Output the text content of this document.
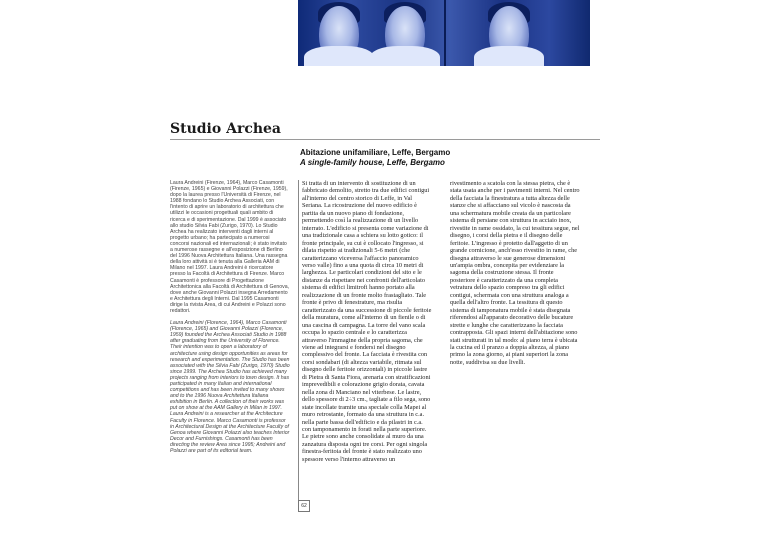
Studio Archea

Abitazione unifamiliare, Leffe, Bergamo

A single-family house, Leffe, Bergamo

Laura Andreini (Firenze, 1964), Marco Casamonti (Firenze, 1965) e Giovanni Polazzi (Firenze, 1959), dopo la laurea presso l'Università di Firenze, nel 1988 fondano lo Studio Archea Associati, con l'intento di aprire un laboratorio di architettura che utilizzi le occasioni progettuali quali ambito di ricerca e di sperimentazione. Dal 1999 è associato allo studio Silvia Fabi (Zurigo, 1970). Lo Studio Archea ha realizzato interventi dagli interni al progetto urbano; ha partecipato a numerosi concorsi nazionali ed internazionali; è stato invitato a numerose rassegne e all'esposizione di Berlino del 1996 Nuova Architettura Italiana. Una rassegna della loro attività si è tenuta alla Galleria AAM di Milano nel 1997. Laura Andreini è ricercatore presso la Facoltà di Architettura di Firenze. Marco Casamonti è professore di Progettazione Architettonica alla Facoltà di Architettura di Genova, dove anche Giovanni Polazzi insegna Arredamento e Architettura degli Interni. Dal 1995 Casamonti dirige la rivista Area, di cui Andreini e Polazzi sono redattori.

Laura Andreini (Florence, 1964), Marco Casamonti (Florence, 1965) and Giovanni Polazzi (Florence, 1959) founded the Archea Associati Studio in 1988 after graduating from the University of Florence. Their intention was to open a laboratory of architecture using design opportunities as areas for research and experimentation. The Studio has been associated with the Silvia Fabi (Zurigo, 1970) Studio since 1999. The Archea Studio has achieved many projects ranging from interiors to town design. It has participated in many Italian and international competitions and has been invited to many shows and to the 1996 Nuova Architettura Italiana exhibition in Berlin. A collection of their works was put on show at the AAM Gallery in Milan in 1997. Laura Andreini is a researcher at the Architecture Faculty in Florence. Marco Casamonti is professor in Architectural Design at the Architecture Faculty of Genoa where Giovanni Polazzi also teaches Interior Decor and Furnishings. Casamonti has been directing the review Area since 1995; Andreini and Polazzi are part of its editorial team.

Si tratta di un intervento di sostituzione di un fabbricato demolito, stretto tra due edifici contigui all'interno del centro storico di Leffe, in Val Seriana. La ricostruzione del nuovo edificio è partita da un nuovo piano di fondazione, permettendo così la realizzazione di un livello interrato. L'edificio si presenta come variazione di una tradizionale casa a schiera su lotto gotico: il fronte principale, su cui è collocato l'ingresso, si dilata rispetto ai tradizionali 5-6 metri (che caratterizzano viceversa l'affaccio panoramico verso valle) fino a una quota di circa 10 metri di larghezza. Le particolari condizioni del sito e le distanze da rispettare nei confronti dell'articolato sistema di edifici limitrofi hanno portato alla realizzazione di un fronte molto frastagliato. Tale fronte è privo di fenestrature, ma risulta caratterizzato da una successione di piccole feritoie della muratura, come all'interno di un fienile o di una cascina di campagna. La torre del vano scala occupa lo spazio centrale e lo caratterizza attraverso l'immagine della propria sagoma, che viene ad integrarsi e fondersi nel disegno complessivo del fronte. La facciata è rivestita con corsi sondabari (di altezza variabile, ritmata sul disegno delle feritoie orizzontali) in piccole lastre di Pietra di Santa Fiora, arenaria con stratificazioni imprevedibili e colorazione grigio dorata, cavata nella zona di Manciano nel viterbese. Le lastre, dello spessore di 2÷3 cm., tagliate a filo sega, sono state incollate tramite una speciale colla Mapei al muro retrostante, formato da una struttura in c.a. nella parte bassa dell'edificio e da pilastri in c.a. con tamponamento in forati nella parte superiore. Le pietre sono anche consolidate al muro da una zanzatura disposta ogni tre corsi. Per ogni singola finestra-feritoia del fronte è stato realizzato uno spessore verso l'interno attraverso un

rivestimento a scatola con la stessa pietra, che è stata usata anche per i pavimenti interni. Nel centro della facciata la finestratura a tutta altezza delle stanze che si affacciano sul vicolo è nascosta da una schermatura mobile creata da un particolare sistema di persiane con struttura in acciaio inox, rivestite in rame ossidato, la cui tessitura segue, nel disegno, i corsi della pietra e il disegno delle feritoie. L'ingresso è protetto dall'aggetto di un grande cornicione, anch'esso rivestito in rame, che disegna attraverso le sue generose dimensioni un'ampia ombra, concepita per evidenziare la sagoma della costruzione stessa. Il fronte posteriore è caratterizzato da una completa vetratura dello spazio compreso tra gli edifici contigui, schermata con una struttura analoga a quella dell'altro fronte. La tessitura di questo sistema di tamponatura mobile è stata disegnata riferendosi all'apparato decorativo delle bucature strette e lunghe che caratterizzano la facciata contrapposta. Gli spazi interni dell'abitazione sono stati strutturati in tal modo: al piano terra è ubicata la cucina ed il pranzo a doppia altezza, al piano primo la zona giorno, ai piani superiori la zona notte, suddivisa su due livelli.

62
